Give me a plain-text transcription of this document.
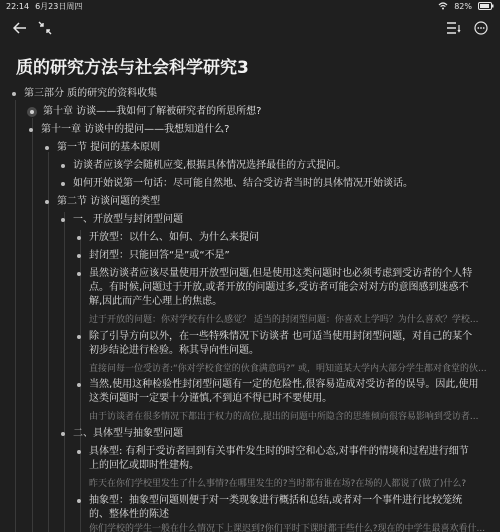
22:14 6月23日周四	82%
质的研究方法与社会科学研究3
第三部分 质的研究的资料收集
第十章 访谈——我如何了解被研究者的所思所想?
第十一章 访谈中的提问——我想知道什么?
第一节 提问的基本原则
访谈者应该学会随机应变,根据具体情况选择最佳的方式提问。
如何开始说第一句话：尽可能自然地、结合受访者当时的具体情况开始谈话。
第二节 访谈问题的类型
一、开放型与封闭型问题
开放型：以什么、如何、为什么来提问
封闭型：只能回答“是”或“不是”
虽然访谈者应该尽量使用开放型问题,但是使用这类问题时也必须考虑到受访者的个人特
点。有时候,问题过于开放,或者开放的问题过多,受访者可能会对对方的意图感到迷惑不
解,因此而产生心理上的焦虑。
过于开放的问题：你对学校有什么感觉？ 适当的封闭型问题：你喜欢上学吗？为什么喜欢？学校...
除了引导方向以外，在一些特殊情况下访谈者 也可适当使用封闭型问题，对自己的某个
初步结论进行检验。称其导向性问题。
直接问每一位受访者:“你对学校食堂的伙食满意吗?” 或，明知道某大学内大部分学生都对食堂的伙...
当然,使用这种检验性封闭型问题有一定的危险性,很容易造成对受访者的误导。因此,使用
这类问题时一定要十分谨慎,不到迫不得已时不要使用。
由于访谈者在很多情况下都出于权力的高位,提出的问题中所隐含的思维倾向很容易影响到受访者...
二、具体型与抽象型问题
具体型: 有利于受访者回到有关事件发生时的时空和心态,对事件的情境和过程进行细节
上的回忆或即时性建构。
昨天在你们学校里发生了什么事情?在哪里发生的?当时都有谁在场?在场的人都说了(做了)什么?
抽象型：抽象型问题则便于对一类现象进行概括和总结,或者对一个事件进行比较笼统
的、整体性的陈述
你们学校的学生一般在什么情况下上课迟到?你们平时下课时都干些什么?现在的中学生最喜欢看什...
